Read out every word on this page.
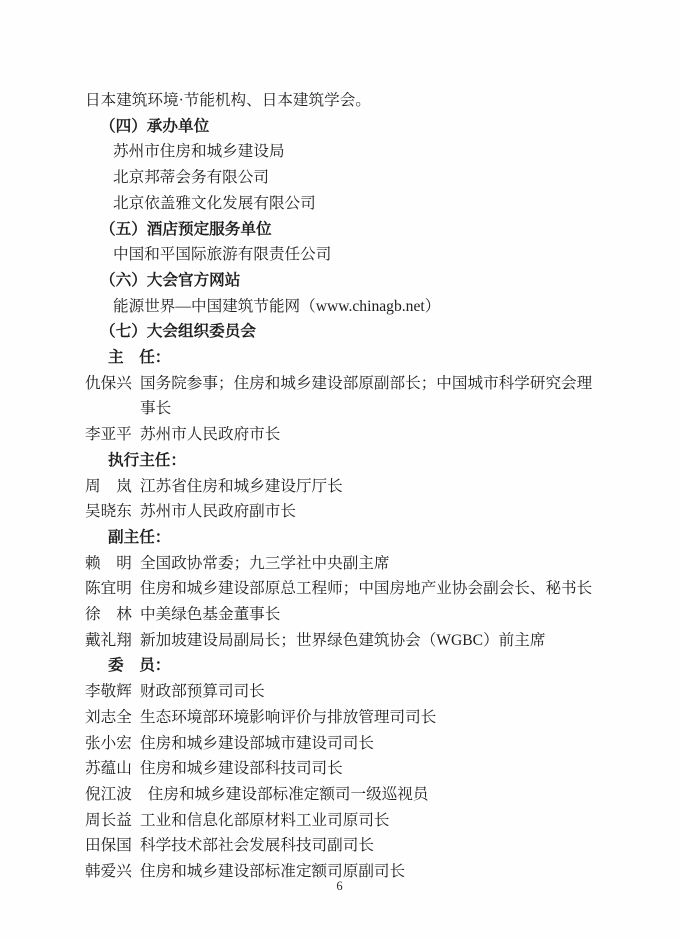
日本建筑环境·节能机构、日本建筑学会。
（四）承办单位
苏州市住房和城乡建设局
北京邦蒂会务有限公司
北京依盖雅文化发展有限公司
（五）酒店预定服务单位
中国和平国际旅游有限责任公司
（六）大会官方网站
能源世界—中国建筑节能网（www.chinagb.net）
（七）大会组织委员会
主　任：
仇保兴 国务院参事；住房和城乡建设部原副部长；中国城市科学研究会理事长
李亚平 苏州市人民政府市长
执行主任：
周　岚 江苏省住房和城乡建设厅厅长
吴晓东 苏州市人民政府副市长
副主任：
赖　明 全国政协常委；九三学社中央副主席
陈宜明 住房和城乡建设部原总工程师；中国房地产业协会副会长、秘书长
徐　林 中美绿色基金董事长
戴礼翔 新加坡建设局副局长；世界绿色建筑协会（WGBC）前主席
委　员：
李敬辉 财政部预算司司长
刘志全 生态环境部环境影响评价与排放管理司司长
张小宏 住房和城乡建设部城市建设司司长
苏蕴山 住房和城乡建设部科技司司长
倪江波  住房和城乡建设部标准定额司一级巡视员
周长益 工业和信息化部原材料工业司原司长
田保国 科学技术部社会发展科技司副司长
韩爱兴 住房和城乡建设部标准定额司原副司长
6
